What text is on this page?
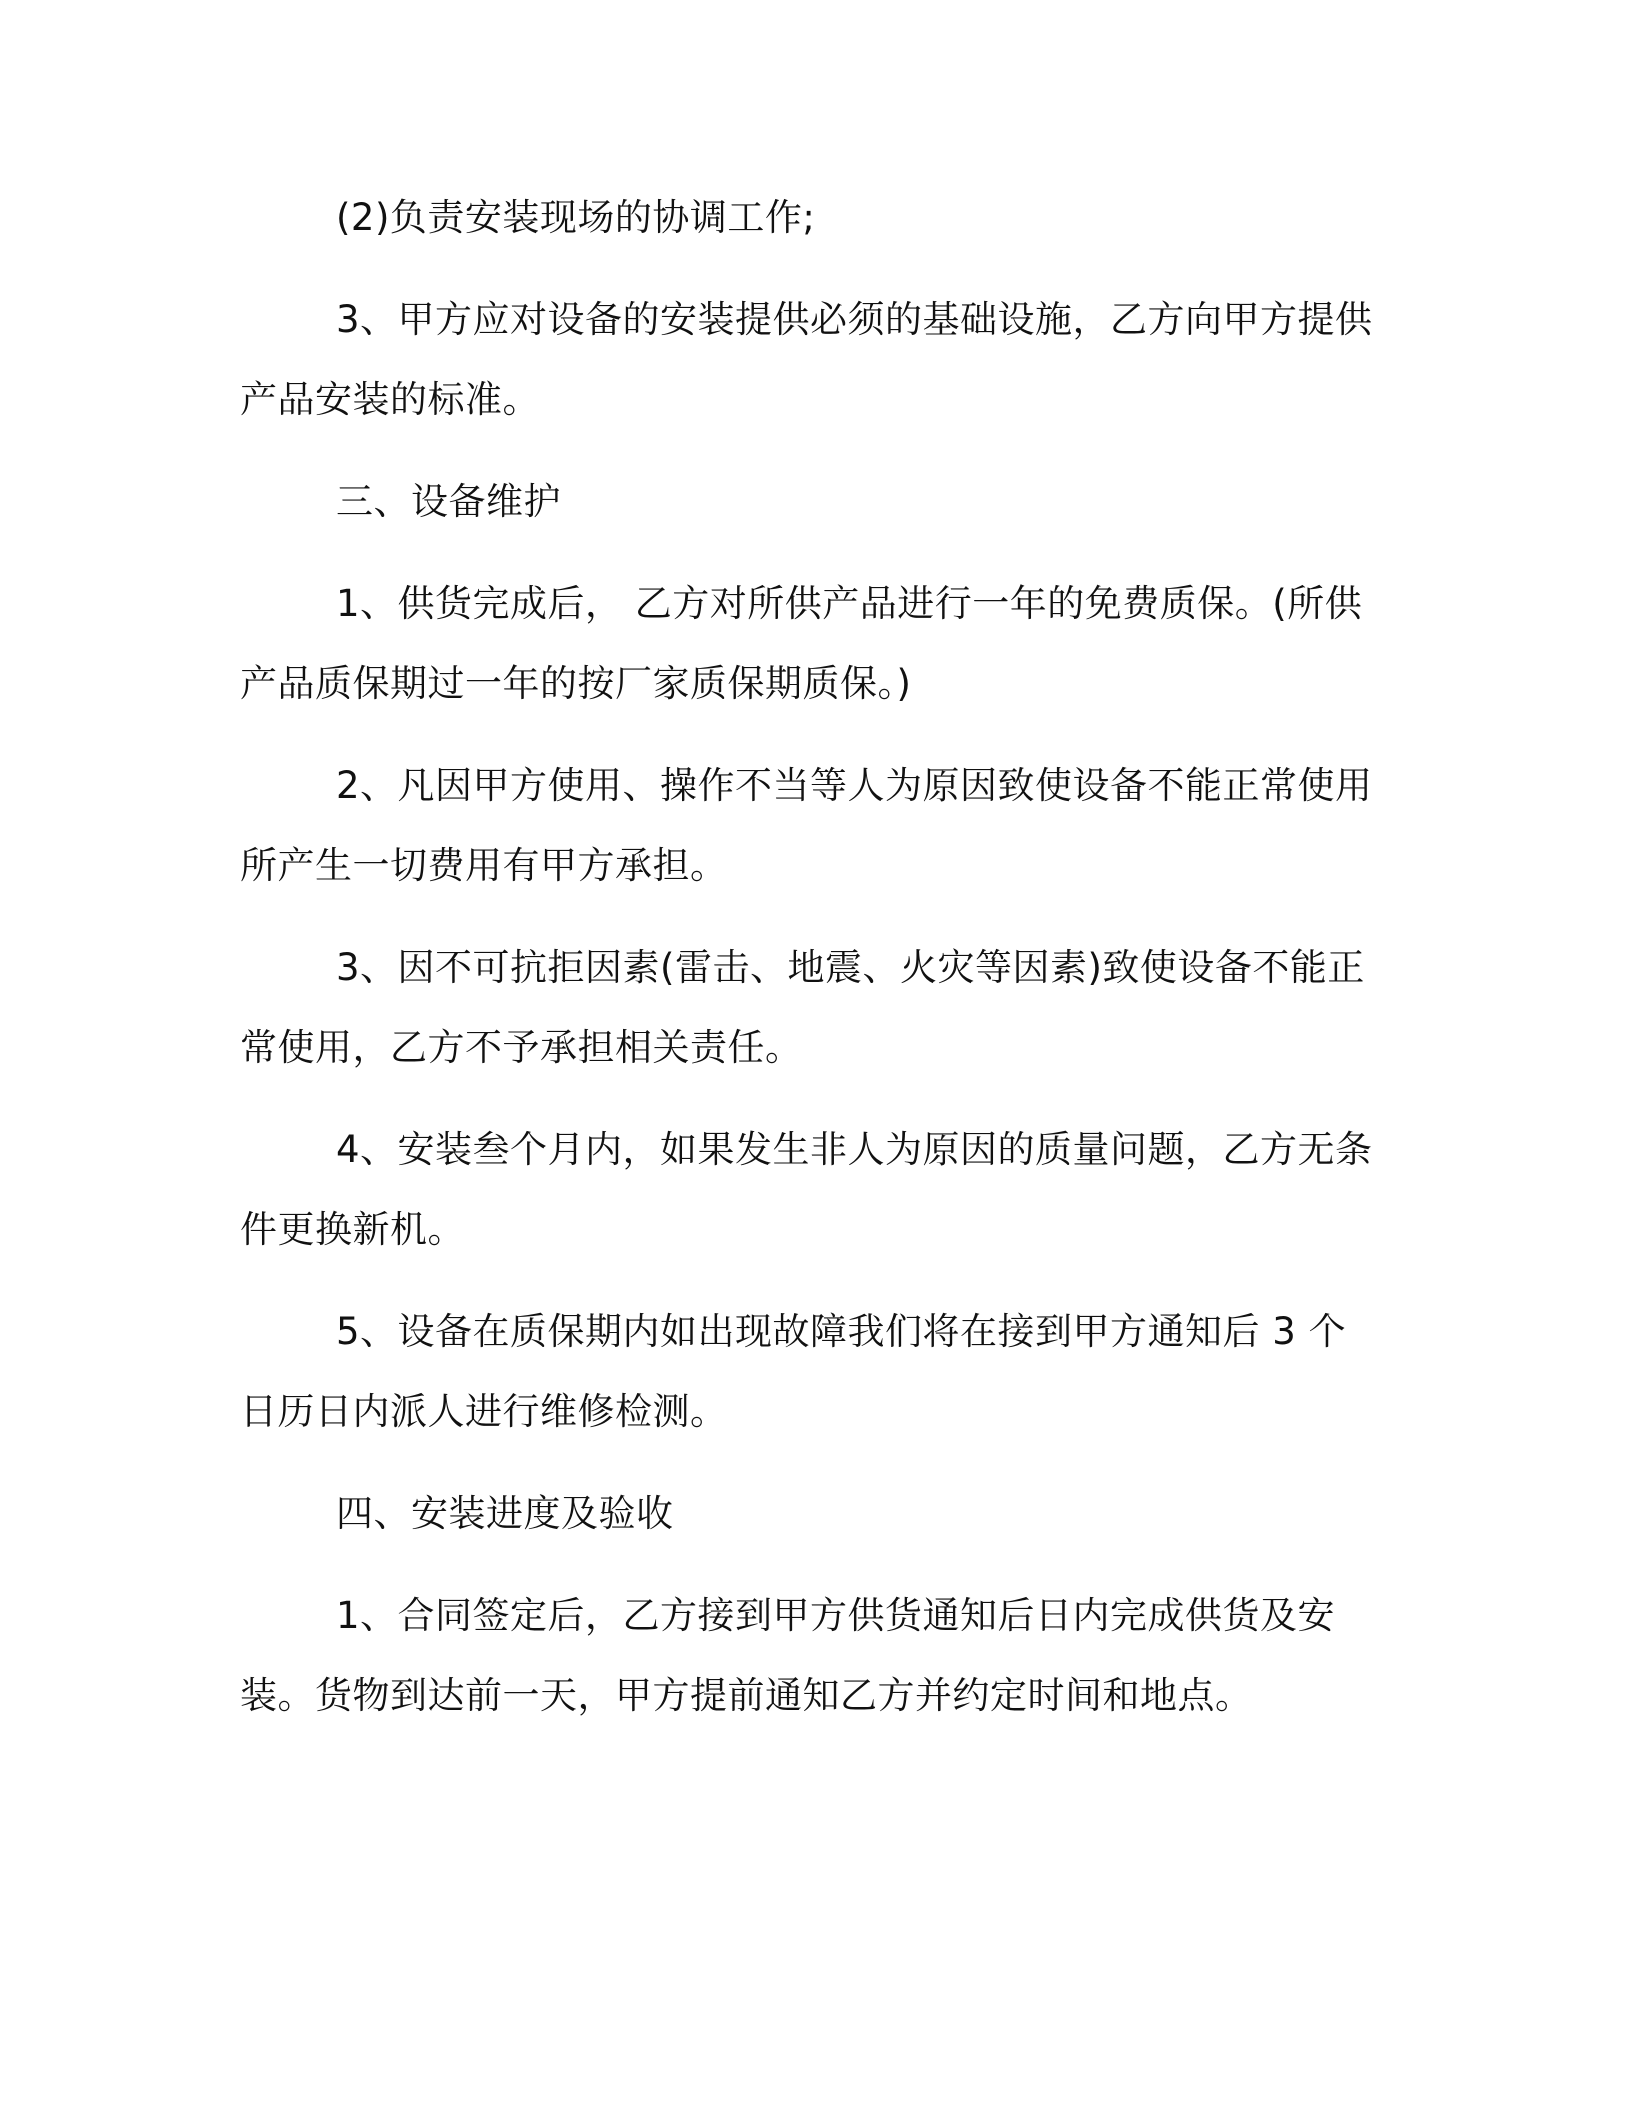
(2)负责安装现场的协调工作;

3、甲方应对设备的安装提供必须的基础设施，乙方向甲方提供产品安装的标准。

三、设备维护

1、供货完成后， 乙方对所供产品进行一年的免费质保。(所供产品质保期过一年的按厂家质保期质保。)

2、凡因甲方使用、操作不当等人为原因致使设备不能正常使用所产生一切费用有甲方承担。

3、因不可抗拒因素(雷击、地震、火灾等因素)致使设备不能正常使用，乙方不予承担相关责任。

4、安装叁个月内，如果发生非人为原因的质量问题，乙方无条件更换新机。

5、设备在质保期内如出现故障我们将在接到甲方通知后 3 个日历日内派人进行维修检测。

四、安装进度及验收

1、合同签定后，乙方接到甲方供货通知后日内完成供货及安装。货物到达前一天，甲方提前通知乙方并约定时间和地点。
